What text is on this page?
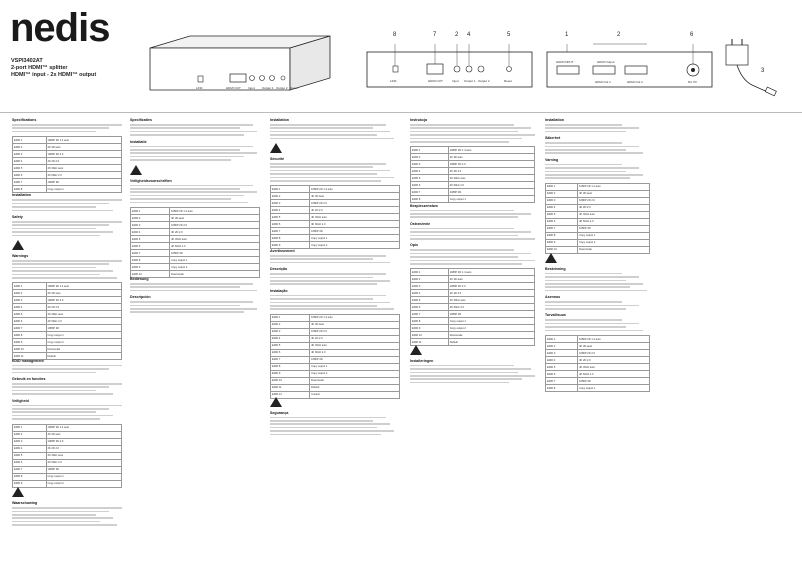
nedis
VSPI3402AT
2-port HDMI™ splitter
HDMI™ input - 2x HDMI™ output
LINK	HDMI OUT Input Output 1 Output 2 Reset
8	7	2 4	5
LINK	HDMI OUT	Input Output 1 Output 2	Reset
1	2	6
HDMI INPUT	HDMI Output
HDMI Out 1	HDMI Out 2	DC 5V
3
Specifications
EDID 1	1080P 2D 1.4 auto
EDID 2	4K 3D auto
EDID 3	1080P 2D 2.0
EDID 4	4K 2D 2.0
EDID 5	4K 30Hz auto
EDID 6	4K 60Hz 2.0
EDID 7	1080P 3D
EDID 8	Copy output 1
Installation
Safety
Warnings
EDID 1	1080P 2D 1.4 auto
EDID 2	4K 3D auto
EDID 3	1080P 2D 2.0
EDID 4	4K 2D 2.0
EDID 5	4K 30Hz auto
EDID 6	4K 60Hz 2.0
EDID 7	1080P 3D
EDID 8	Copy output 1
EDID 9	Copy output 2
EDID 10	Downscale
EDID 11	Default
EDID management
Gebruik en functies
Veiligheid
EDID 1	1080P 2D 1.4 auto
EDID 2	4K 3D auto
EDID 3	1080P 2D 2.0
EDID 4	4K 2D 2.0
EDID 5	4K 30Hz auto
EDID 6	4K 60Hz 2.0
EDID 7	1080P 3D
EDID 8	Copy output 1
EDID 9	Copy output 2
Waarschuwing
Specificaties
Installatie
Veiligheidsvoorschriften
EDID 1	1080P 2D 1.4 auto
EDID 2	4K 3D auto
EDID 3	1080P 2D 2.0
EDID 4	4K 2D 2.0
EDID 5	4K 30Hz auto
EDID 6	4K 60Hz 2.0
EDID 7	1080P 3D
EDID 8	Copy output 1
EDID 9	Copy output 2
EDID 10	Downscale
Bedienung
Descripción
Installation
Sécurité
EDID 1	1080P 2D 1.4 auto
EDID 2	4K 3D auto
EDID 3	1080P 2D 2.0
EDID 4	4K 2D 2.0
EDID 5	4K 30Hz auto
EDID 6	4K 60Hz 2.0
EDID 7	1080P 3D
EDID 8	Copy output 1
EDID 9	Copy output 2
Avertissement
Descrição
Instalação
EDID 1	1080P 2D 1.4 auto
EDID 2	4K 3D auto
EDID 3	1080P 2D 2.0
EDID 4	4K 2D 2.0
EDID 5	4K 30Hz auto
EDID 6	4K 60Hz 2.0
EDID 7	1080P 3D
EDID 8	Copy output 1
EDID 9	Copy output 2
EDID 10	Downscale
EDID 11	Default
EDID 12	Custom
Segurança
Instrukcja
EDID 1	1080P 2D 1.4 auto
EDID 2	4K 3D auto
EDID 3	1080P 2D 2.0
EDID 4	4K 2D 2.0
EDID 5	4K 30Hz auto
EDID 6	4K 60Hz 2.0
EDID 7	1080P 3D
EDID 8	Copy output 1
Bezpieczeństwo
Ostrzeżenie
Opis
EDID 1	1080P 2D 1.4 auto
EDID 2	4K 3D auto
EDID 3	1080P 2D 2.0
EDID 4	4K 2D 2.0
EDID 5	4K 30Hz auto
EDID 6	4K 60Hz 2.0
EDID 7	1080P 3D
EDID 8	Copy output 1
EDID 9	Copy output 2
EDID 10	Downscale
EDID 11	Default
Installeringen
Installation
Säkerhet
Varning
EDID 1	1080P 2D 1.4 auto
EDID 2	4K 3D auto
EDID 3	1080P 2D 2.0
EDID 4	4K 2D 2.0
EDID 5	4K 30Hz auto
EDID 6	4K 60Hz 2.0
EDID 7	1080P 3D
EDID 8	Copy output 1
EDID 9	Copy output 2
EDID 10	Downscale
Beskrivning
Asennus
Turvallisuus
EDID 1	1080P 2D 1.4 auto
EDID 2	4K 3D auto
EDID 3	1080P 2D 2.0
EDID 4	4K 2D 2.0
EDID 5	4K 30Hz auto
EDID 6	4K 60Hz 2.0
EDID 7	1080P 3D
EDID 8	Copy output 1
